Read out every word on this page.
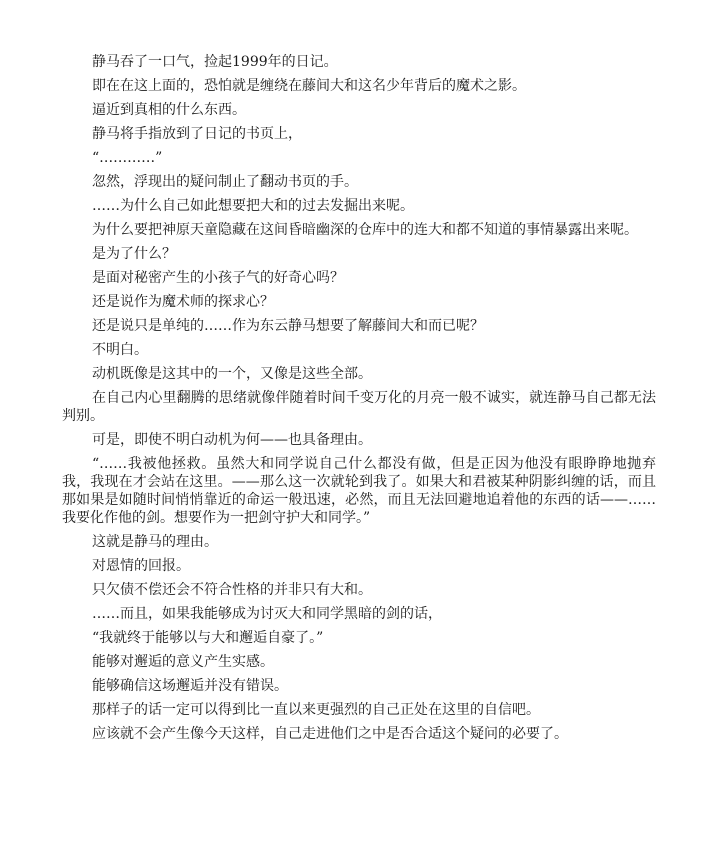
静马吞了一口气，捡起1999年的日记。

即在在这上面的，恐怕就是缠绕在藤间大和这名少年背后的魔术之影。

逼近到真相的什么东西。

静马将手指放到了日记的书页上，

“…………”

忽然，浮现出的疑问制止了翻动书页的手。

……为什么自己如此想要把大和的过去发掘出来呢。

为什么要把神原天童隐藏在这间昏暗幽深的仓库中的连大和都不知道的事情暴露出来呢。

是为了什么？

是面对秘密产生的小孩子气的好奇心吗？

还是说作为魔术师的探求心？

还是说只是单纯的……作为东云静马想要了解藤间大和而已呢？

不明白。

动机既像是这其中的一个，又像是这些全部。

在自己内心里翻腾的思绪就像伴随着时间千变万化的月亮一般不诚实，就连静马自己都无法判别。

可是，即使不明白动机为何——也具备理由。

“……我被他拯救。虽然大和同学说自己什么都没有做，但是正因为他没有眼睁睁地抛弃我，我现在才会站在这里。——那么这一次就轮到我了。如果大和君被某种阴影纠缠的话，而且那如果是如随时间悄悄靠近的命运一般迅速，必然，而且无法回避地追着他的东西的话——……我要化作他的剑。想要作为一把剑守护大和同学。”

这就是静马的理由。

对恩情的回报。

只欠债不偿还会不符合性格的并非只有大和。

……而且，如果我能够成为讨灭大和同学黑暗的剑的话，

“我就终于能够以与大和邂逅自豪了。”

能够对邂逅的意义产生实感。

能够确信这场邂逅并没有错误。

那样子的话一定可以得到比一直以来更强烈的自己正处在这里的自信吧。

应该就不会产生像今天这样，自己走进他们之中是否合适这个疑问的必要了。
